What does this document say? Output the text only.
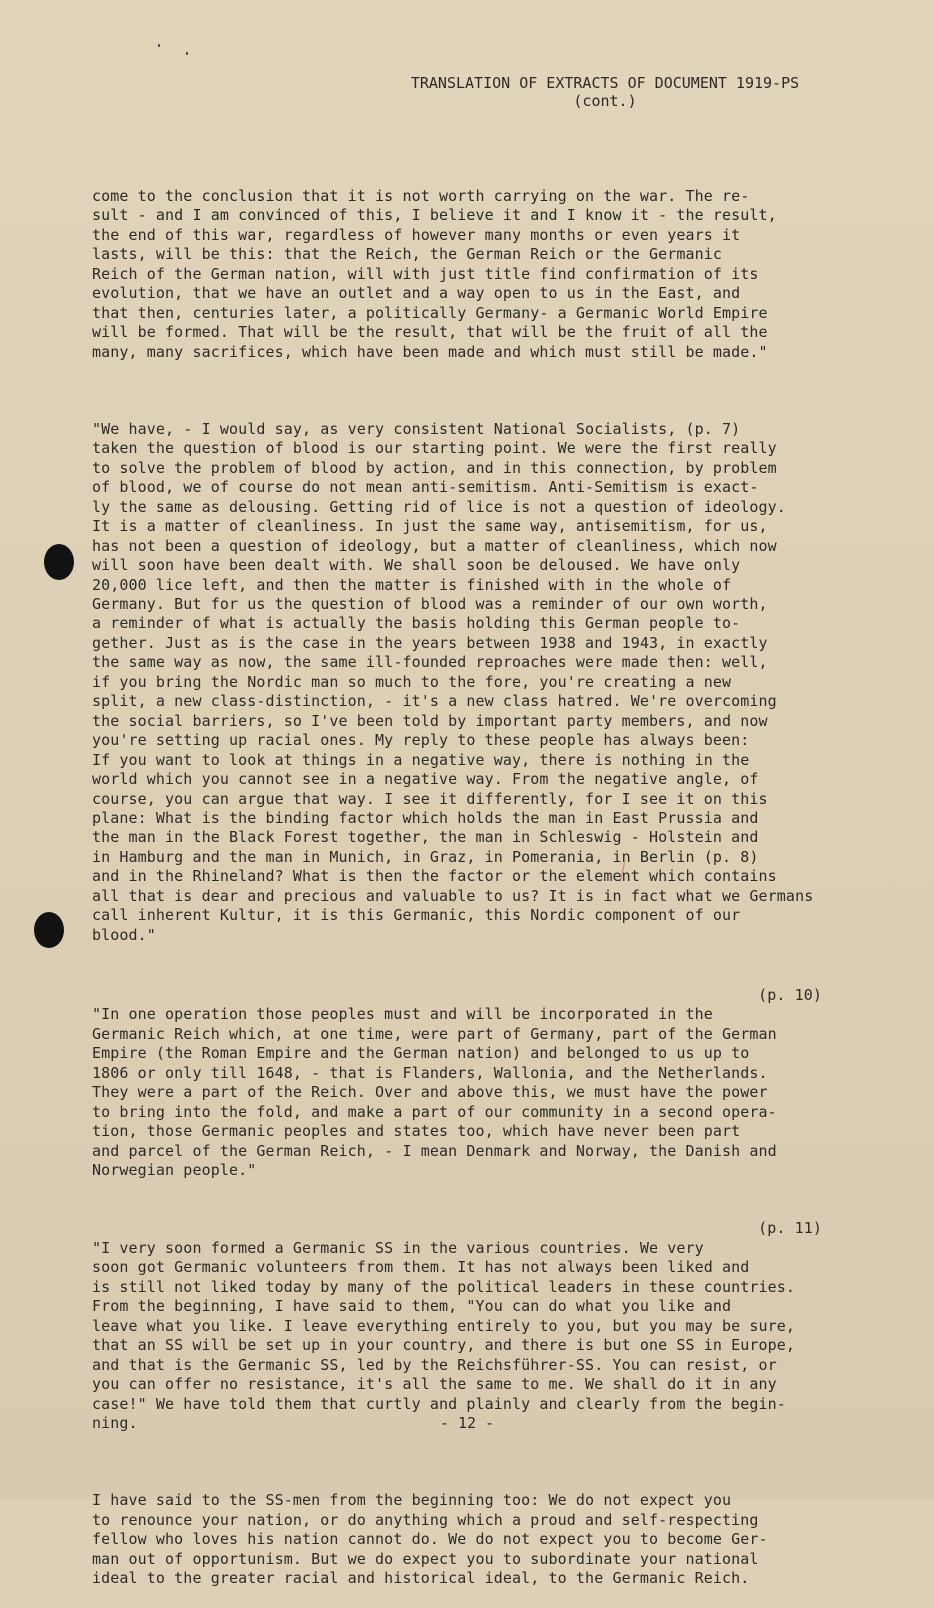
TRANSLATION OF EXTRACTS OF DOCUMENT 1919-PS
(cont.)

come to the conclusion that it is not worth carrying on the war. The re-
sult - and I am convinced of this, I believe it and I know it - the result,
the end of this war, regardless of however many months or even years it
lasts, will be this: that the Reich, the German Reich or the Germanic
Reich of the German nation, will with just title find confirmation of its
evolution, that we have an outlet and a way open to us in the East, and
that then, centuries later, a politically Germany- a Germanic World Empire
will be formed. That will be the result, that will be the fruit of all the
many, many sacrifices, which have been made and which must still be made."

"We have, - I would say, as very consistent National Socialists, (p. 7)
taken the question of blood is our starting point. We were the first really
to solve the problem of blood by action, and in this connection, by problem
of blood, we of course do not mean anti-semitism. Anti-Semitism is exact-
ly the same as delousing. Getting rid of lice is not a question of ideology.
It is a matter of cleanliness. In just the same way, antisemitism, for us,
has not been a question of ideology, but a matter of cleanliness, which now
will soon have been dealt with. We shall soon be deloused. We have only
20,000 lice left, and then the matter is finished with in the whole of
Germany. But for us the question of blood was a reminder of our own worth,
a reminder of what is actually the basis holding this German people to-
gether. Just as is the case in the years between 1938 and 1943, in exactly
the same way as now, the same ill-founded reproaches were made then: well,
if you bring the Nordic man so much to the fore, you're creating a new
split, a new class-distinction, - it's a new class hatred. We're overcoming
the social barriers, so I've been told by important party members, and now
you're setting up racial ones. My reply to these people has always been:
If you want to look at things in a negative way, there is nothing in the
world which you cannot see in a negative way. From the negative angle, of
course, you can argue that way. I see it differently, for I see it on this
plane: What is the binding factor which holds the man in East Prussia and
the man in the Black Forest together, the man in Schleswig - Holstein and
in Hamburg and the man in Munich, in Graz, in Pomerania, in Berlin (p. 8)
and in the Rhineland? What is then the factor or the element which contains
all that is dear and precious and valuable to us? It is in fact what we Germans
call inherent Kultur, it is this Germanic, this Nordic component of our
blood."

(p. 10)
"In one operation those peoples must and will be incorporated in the
Germanic Reich which, at one time, were part of Germany, part of the German
Empire (the Roman Empire and the German nation) and belonged to us up to
1806 or only till 1648, - that is Flanders, Wallonia, and the Netherlands.
They were a part of the Reich. Over and above this, we must have the power
to bring into the fold, and make a part of our community in a second opera-
tion, those Germanic peoples and states too, which have never been part
and parcel of the German Reich, - I mean Denmark and Norway, the Danish and
Norwegian people."

(p. 11)
"I very soon formed a Germanic SS in the various countries. We very
soon got Germanic volunteers from them. It has not always been liked and
is still not liked today by many of the political leaders in these countries.
From the beginning, I have said to them, "You can do what you like and
leave what you like. I leave everything entirely to you, but you may be sure,
that an SS will be set up in your country, and there is but one SS in Europe,
and that is the Germanic SS, led by the Reichsführer-SS. You can resist, or
you can offer no resistance, it's all the same to me. We shall do it in any
case!" We have told them that curtly and plainly and clearly from the begin-
ning.

I have said to the SS-men from the beginning too: We do not expect you
to renounce your nation, or do anything which a proud and self-respecting
fellow who loves his nation cannot do. We do not expect you to become Ger-
man out of opportunism. But we do expect you to subordinate your national
ideal to the greater racial and historical ideal, to the Germanic Reich.

- 12 -
